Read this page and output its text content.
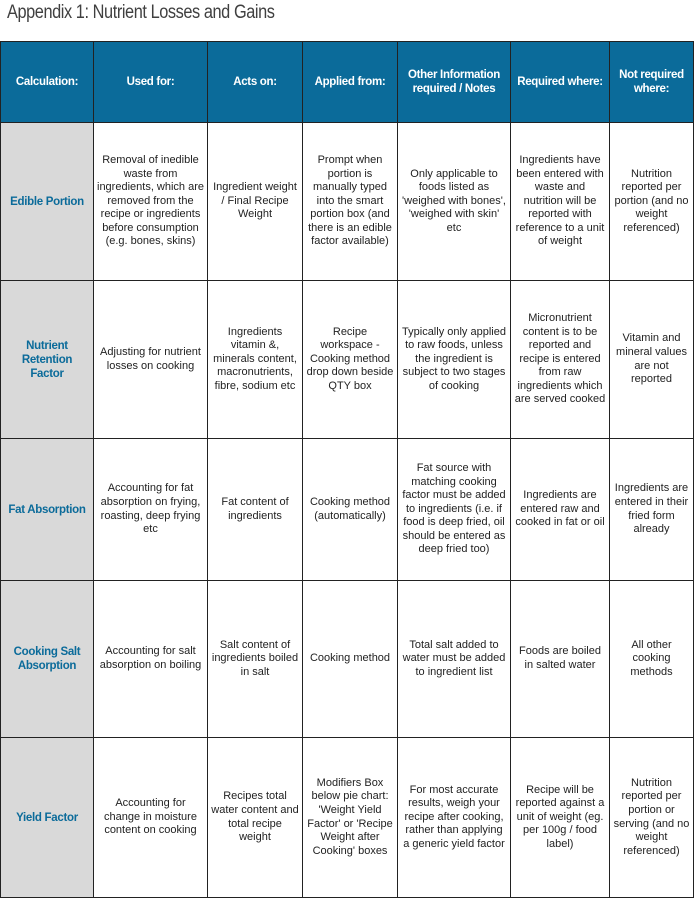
Appendix 1: Nutrient Losses and Gains
Calculation:	Used for:	Acts on:	Applied from:	Other Information required / Notes	Required where:	Not required where:
Edible Portion	Removal of inedible waste from ingredients, which are removed from the recipe or ingredients before consumption (e.g. bones, skins)	Ingredient weight / Final Recipe Weight	Prompt when portion is manually typed into the smart portion box (and there is an edible factor available)	Only applicable to foods listed as 'weighed with bones', 'weighed with skin' etc	Ingredients have been entered with waste and nutrition will be reported with reference to a unit of weight	Nutrition reported per portion (and no weight referenced)
Nutrient Retention Factor	Adjusting for nutrient losses on cooking	Ingredients vitamin &, minerals content, macronutrients, fibre, sodium etc	Recipe workspace - Cooking method drop down beside QTY box	Typically only applied to raw foods, unless the ingredient is subject to two stages of cooking	Micronutrient content is to be reported and recipe is entered from raw ingredients which are served cooked	Vitamin and mineral values are not reported
Fat Absorption	Accounting for fat absorption on frying, roasting, deep frying etc	Fat content of ingredients	Cooking method (automatically)	Fat source with matching cooking factor must be added to ingredients (i.e. if food is deep fried, oil should be entered as deep fried too)	Ingredients are entered raw and cooked in fat or oil	Ingredients are entered in their fried form already
Cooking Salt Absorption	Accounting for salt absorption on boiling	Salt content of ingredients boiled in salt	Cooking method	Total salt added to water must be added to ingredient list	Foods are boiled in salted water	All other cooking methods
Yield Factor	Accounting for change in moisture content on cooking	Recipes total water content and total recipe weight	Modifiers Box below pie chart: 'Weight Yield Factor' or 'Recipe Weight after Cooking' boxes	For most accurate results, weigh your recipe after cooking, rather than applying a generic yield factor	Recipe will be reported against a unit of weight (eg. per 100g / food label)	Nutrition reported per portion or serving (and no weight referenced)
